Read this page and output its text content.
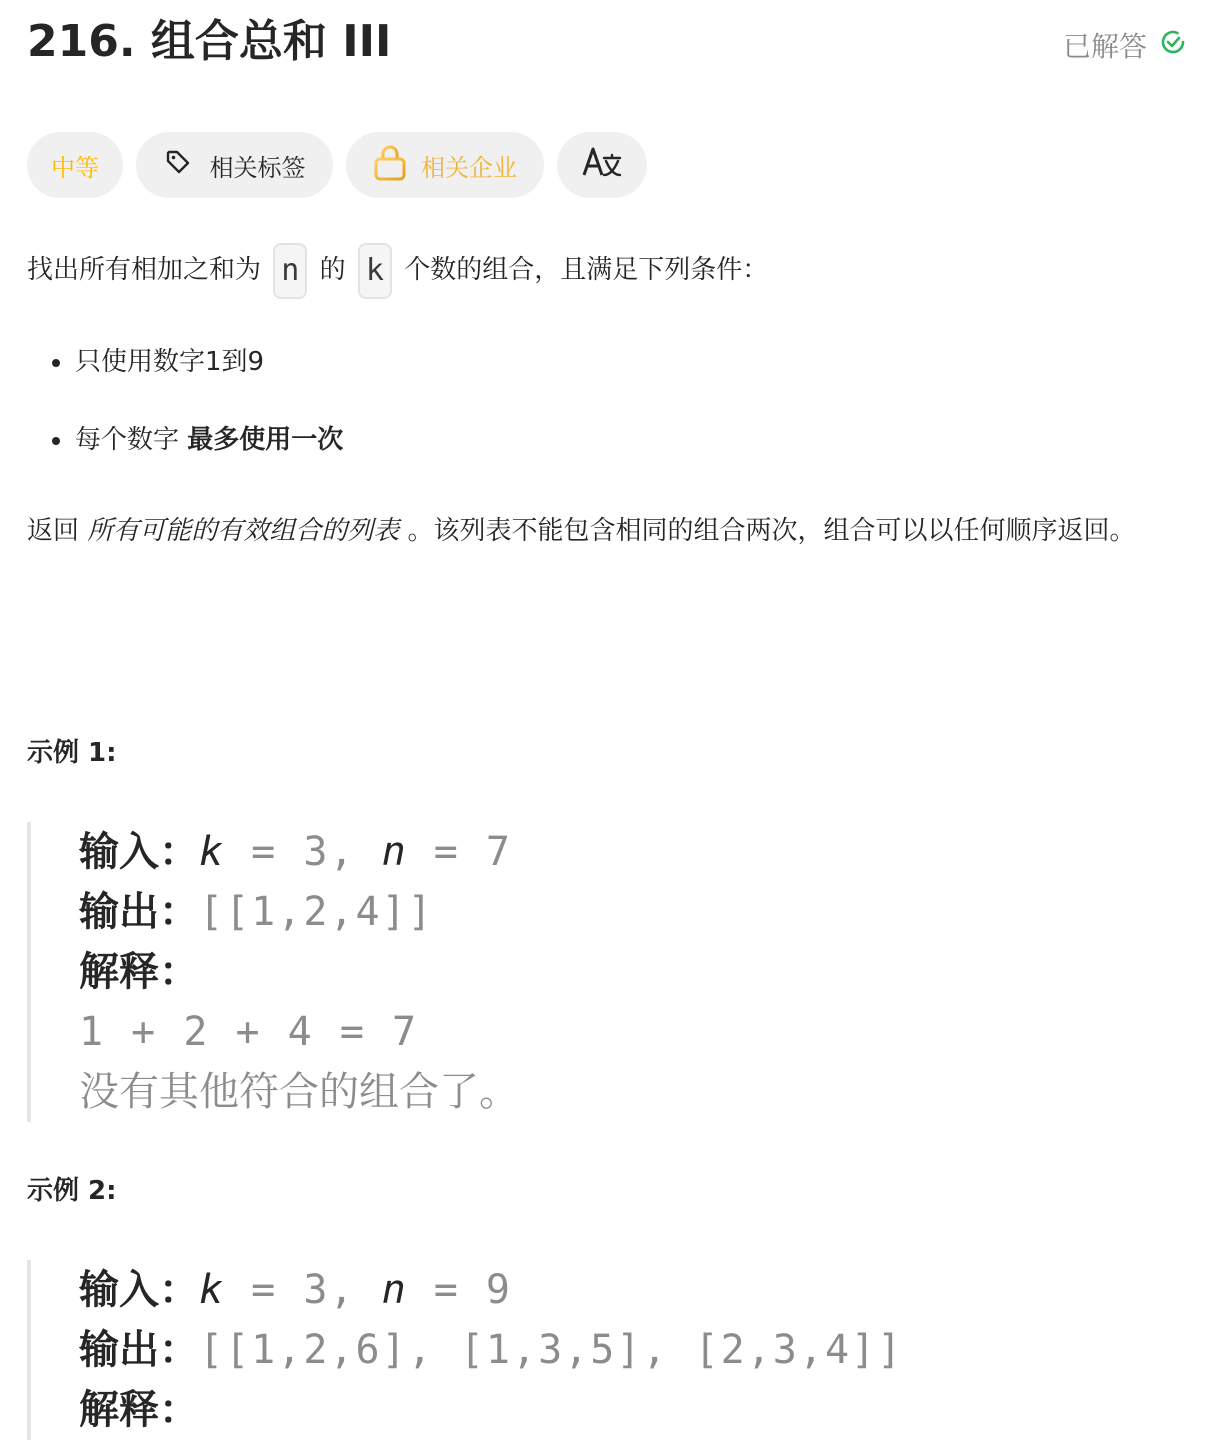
216. 组合总和 III	已解答
中等	相关标签	相关企业
找出所有相加之和为 n 的 k 个数的组合，且满足下列条件：
只使用数字1到9
每个数字 最多使用一次
返回 所有可能的有效组合的列表 。该列表不能包含相同的组合两次，组合可以以任何顺序返回。
示例 1:
输入：k = 3, n = 7
输出：[[1,2,4]]
解释：
1 + 2 + 4 = 7
没有其他符合的组合了。
示例 2:
输入：k = 3, n = 9
输出：[[1,2,6], [1,3,5], [2,3,4]]
解释：
